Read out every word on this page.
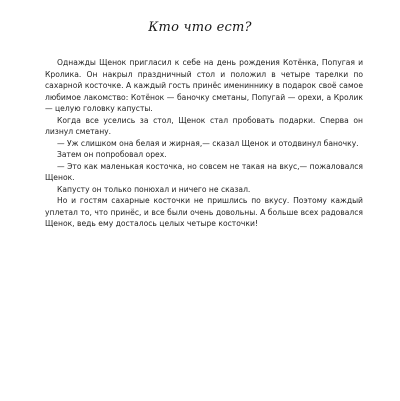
Кто что ест?

Однажды Щенок пригласил к себе на день рождения Котёнка, Попугая и Кролика. Он накрыл праздничный стол и положил в четыре тарелки по сахарной косточке. А каждый гость принёс имениннику в подарок своё самое любимое лакомство: Котёнок — баночку сметаны, Попугай — орехи, а Кролик — целую головку капусты.

Когда все уселись за стол, Щенок стал пробовать подарки. Сперва он лизнул сметану.

— Уж слишком она белая и жирная,— сказал Щенок и отодвинул баночку.

Затем он попробовал орех.

— Это как маленькая косточка, но совсем не такая на вкус,— пожаловался Щенок.

Капусту он только понюхал и ничего не сказал.

Но и гостям сахарные косточки не пришлись по вкусу. Поэтому каждый уплетал то, что принёс, и все были очень довольны. А больше всех радовался Щенок, ведь ему досталось целых четыре косточки!
